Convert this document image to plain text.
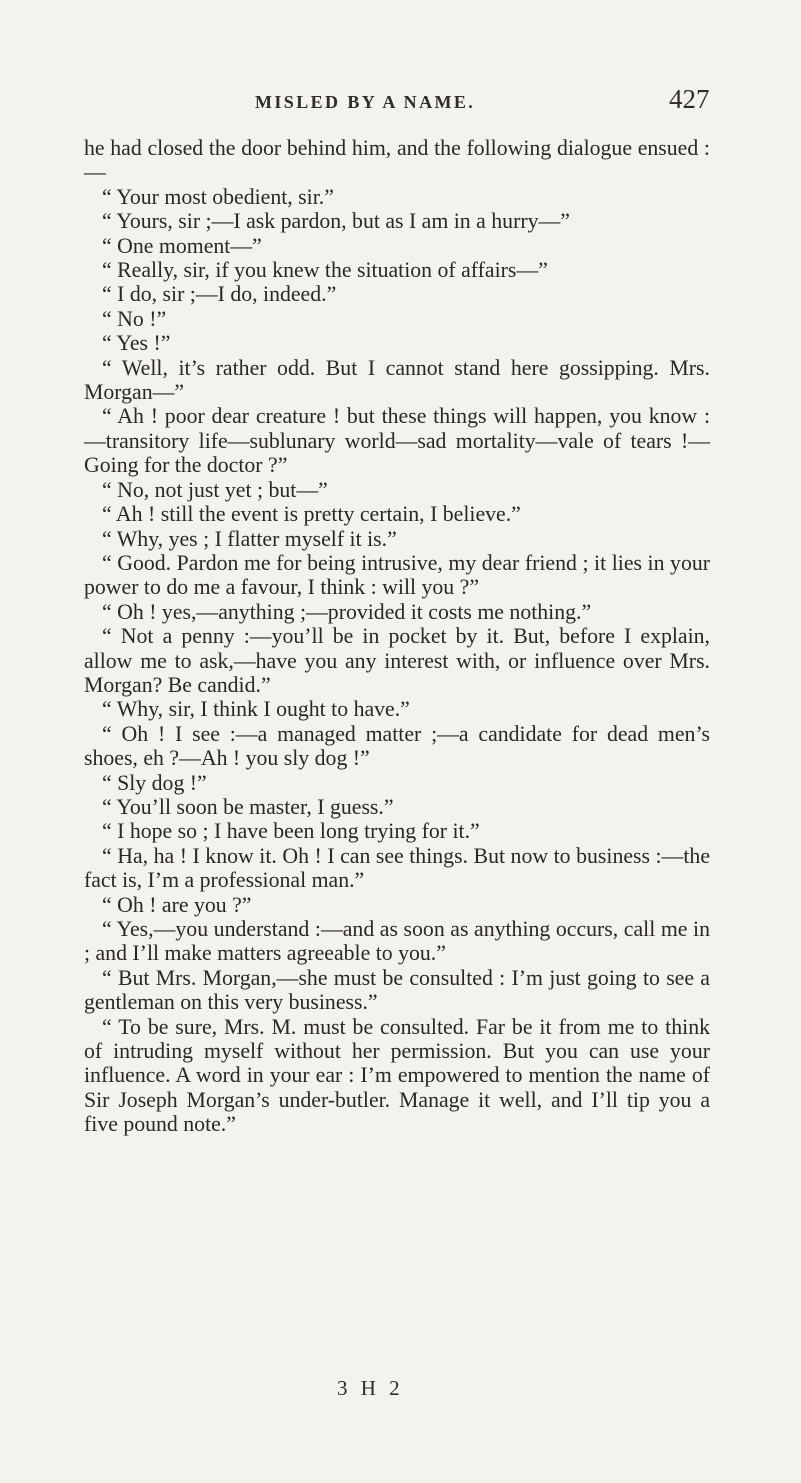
MISLED BY A NAME.	427

he had closed the door behind him, and the following dialogue ensued :—

“ Your most obedient, sir.”

“ Yours, sir ;—I ask pardon, but as I am in a hurry—”

“ One moment—”

“ Really, sir, if you knew the situation of affairs—”

“ I do, sir ;—I do, indeed.”

“ No !”

“ Yes !”

“ Well, it’s rather odd. But I cannot stand here gossipping. Mrs. Morgan—”

“ Ah ! poor dear creature ! but these things will happen, you know :—transitory life—sublunary world—sad mortality—vale of tears !—Going for the doctor ?”

“ No, not just yet ; but—”

“ Ah ! still the event is pretty certain, I believe.”

“ Why, yes ; I flatter myself it is.”

“ Good. Pardon me for being intrusive, my dear friend ; it lies in your power to do me a favour, I think : will you ?”

“ Oh ! yes,—anything ;—provided it costs me nothing.”

“ Not a penny :—you’ll be in pocket by it. But, before I explain, allow me to ask,—have you any interest with, or influence over Mrs. Morgan? Be candid.”

“ Why, sir, I think I ought to have.”

“ Oh ! I see :—a managed matter ;—a candidate for dead men’s shoes, eh ?—Ah ! you sly dog !”

“ Sly dog !”

“ You’ll soon be master, I guess.”

“ I hope so ; I have been long trying for it.”

“ Ha, ha ! I know it. Oh ! I can see things. But now to business :—the fact is, I’m a professional man.”

“ Oh ! are you ?”

“ Yes,—you understand :—and as soon as anything occurs, call me in ; and I’ll make matters agreeable to you.”

“ But Mrs. Morgan,—she must be consulted : I’m just going to see a gentleman on this very business.”

“ To be sure, Mrs. M. must be consulted. Far be it from me to think of intruding myself without her permission. But you can use your influence. A word in your ear : I’m empowered to mention the name of Sir Joseph Morgan’s under-butler. Manage it well, and I’ll tip you a five pound note.”

3 H 2
